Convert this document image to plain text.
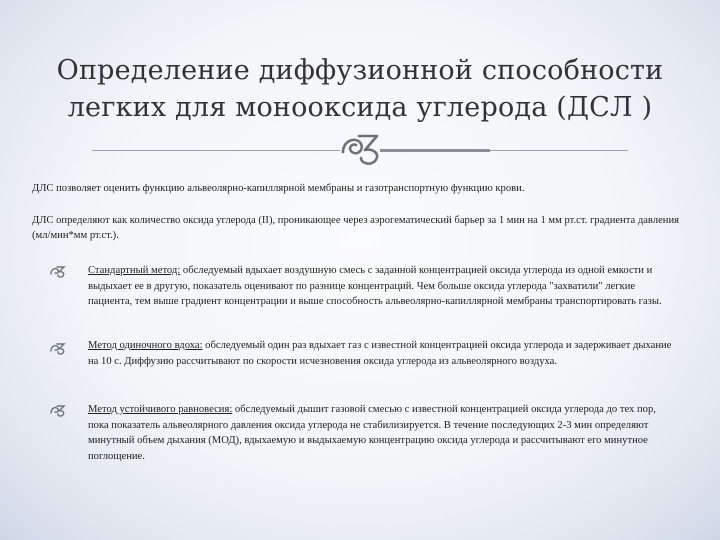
Определение диффузионной способности
легких для монооксида углерода (ДСЛ )
ДЛС позволяет оценить функцию альвеолярно-капиллярной мембраны и газотранспортную функцию крови.
ДЛС определяют как количество оксида углерода (II), проникающее через аэрогематический барьер за 1 мин на 1 мм рт.ст. градиента давления (мл/мин*мм рт.ст.).
Стандартный метод: обследуемый вдыхает воздушную смесь с заданной концентрацией оксида углерода из одной емкости и выдыхает ее в другую, показатель оценивают по разнице концентраций. Чем больше оксида углерода "захватили" легкие пациента, тем выше градиент концентрации и выше способность альвеолярно-капиллярной мембраны транспортировать газы.
Метод одиночного вдоха: обследуемый один раз вдыхает газ с известной концентрацией оксида углерода и задерживает дыхание на 10 с. Диффузию рассчитывают по скорости исчезновения оксида углерода из альвеолярного воздуха.
Метод устойчивого равновесия: обследуемый дышит газовой смесью с известной концентрацией оксида углерода до тех пор, пока показатель альвеолярного давления оксида углерода не стабилизируется. В течение последующих 2-3 мин определяют минутный объем дыхания (МОД), вдыхаемую и выдыхаемую концентрацию оксида углерода и рассчитывают его минутное поглощение.
